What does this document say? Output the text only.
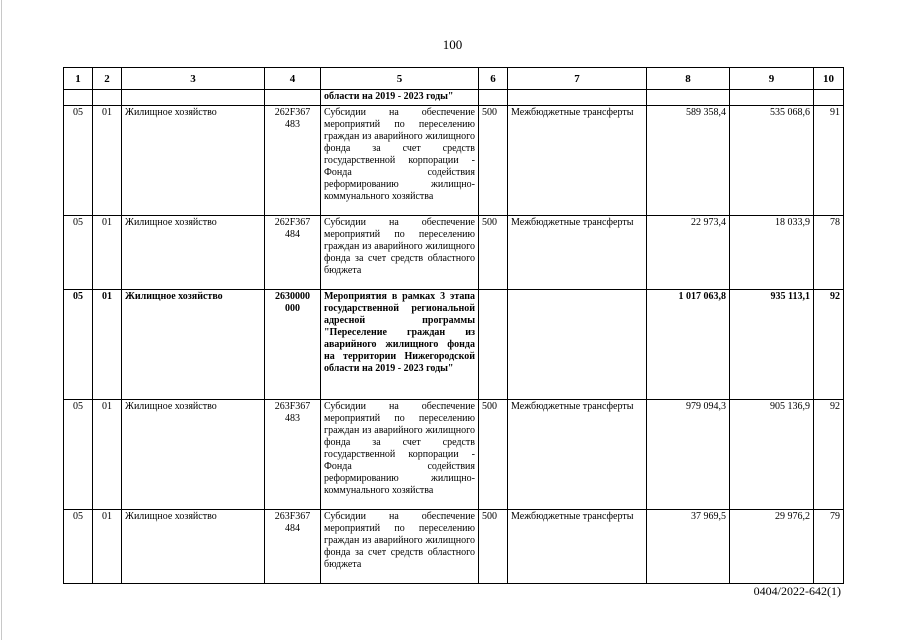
100
1	2	3	4	5	6	7	8	9	10
				области на 2019 - 2023 годы"					
05	01	Жилищное хозяйство	262F367 483	Субсидии на обеспечение мероприятий по переселению граждан из аварийного жилищного фонда за счет средств государственной корпорации - Фонда содействия реформированию жилищно-коммунального хозяйства	500	Межбюджетные трансферты	589 358,4	535 068,6	91
05	01	Жилищное хозяйство	262F367 484	Субсидии на обеспечение мероприятий по переселению граждан из аварийного жилищного фонда за счет средств областного бюджета	500	Межбюджетные трансферты	22 973,4	18 033,9	78
05	01	Жилищное хозяйство	2630000 000	Мероприятия в рамках 3 этапа государственной региональной адресной программы "Переселение граждан из аварийного жилищного фонда на территории Нижегородской области на 2019 - 2023 годы"			1 017 063,8	935 113,1	92
05	01	Жилищное хозяйство	263F367 483	Субсидии на обеспечение мероприятий по переселению граждан из аварийного жилищного фонда за счет средств государственной корпорации - Фонда содействия реформированию жилищно-коммунального хозяйства	500	Межбюджетные трансферты	979 094,3	905 136,9	92
05	01	Жилищное хозяйство	263F367 484	Субсидии на обеспечение мероприятий по переселению граждан из аварийного жилищного фонда за счет средств областного бюджета	500	Межбюджетные трансферты	37 969,5	29 976,2	79
0404/2022-642(1)
